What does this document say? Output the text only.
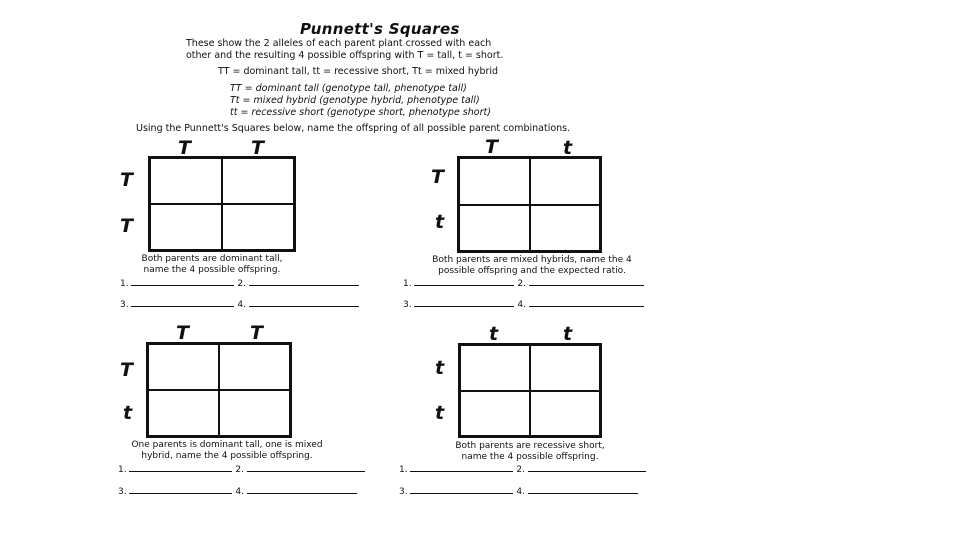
Punnett's Squares
These show the 2 alleles of each parent plant crossed with each
other and the resulting 4 possible offspring with T = tall, t = short.
TT = dominant tall, tt = recessive short, Tt = mixed hybrid
TT = dominant tall (genotype tall, phenotype tall)
Tt = mixed hybrid (genotype hybrid, phenotype tall)
tt = recessive short (genotype short, phenotype short)
Using the Punnett's Squares below, name the offspring of all possible parent combinations.
T	T
T
T
Both parents are dominant tall,
name the 4 possible offspring.
1.	2.
3.	4.
T	t
T
t
Both parents are mixed hybrids, name the 4
possible offspring and the expected ratio.
1.	2.
3.	4.
T	T
T
t
One parents is dominant tall, one is mixed
hybrid, name the 4 possible offspring.
1.	2.
3.	4.
t	t
t
t
Both parents are recessive short,
name the 4 possible offspring.
1.	2.
3.	4.
